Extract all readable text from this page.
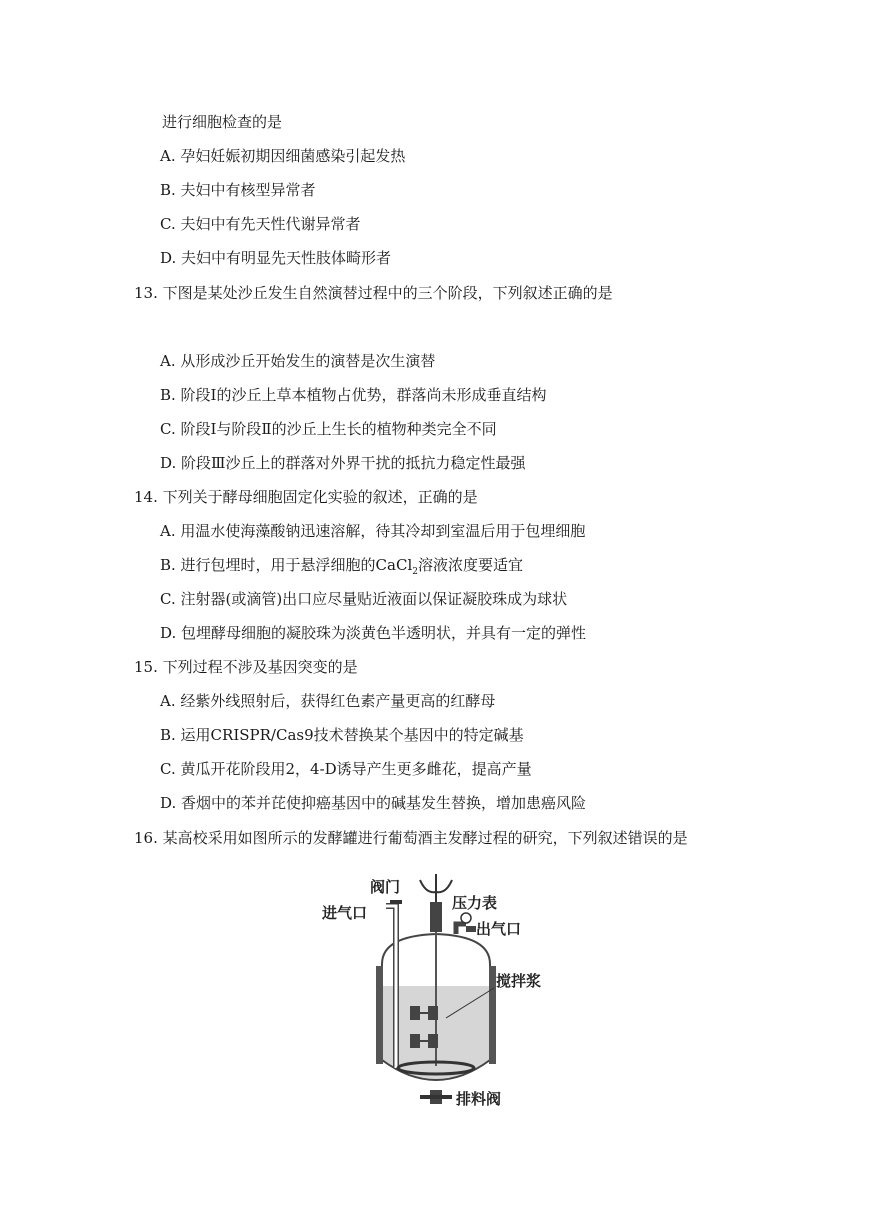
进行细胞检查的是
A. 孕妇妊娠初期因细菌感染引起发热
B. 夫妇中有核型异常者
C. 夫妇中有先天性代谢异常者
D. 夫妇中有明显先天性肢体畸形者
13. 下图是某处沙丘发生自然演替过程中的三个阶段，下列叙述正确的是
A. 从形成沙丘开始发生的演替是次生演替
B. 阶段Ⅰ的沙丘上草本植物占优势，群落尚未形成垂直结构
C. 阶段Ⅰ与阶段Ⅱ的沙丘上生长的植物种类完全不同
D. 阶段Ⅲ沙丘上的群落对外界干扰的抵抗力稳定性最强
14. 下列关于酵母细胞固定化实验的叙述，正确的是
A. 用温水使海藻酸钠迅速溶解，待其冷却到室温后用于包埋细胞
B. 进行包埋时，用于悬浮细胞的CaCl$_2$溶液浓度要适宜
C. 注射器(或滴管)出口应尽量贴近液面以保证凝胶珠成为球状
D. 包埋酵母细胞的凝胶珠为淡黄色半透明状，并具有一定的弹性
15. 下列过程不涉及基因突变的是
A. 经紫外线照射后，获得红色素产量更高的红酵母
B. 运用CRISPR/Cas9技术替换某个基因中的特定碱基
C. 黄瓜开花阶段用2，4-D诱导产生更多雌花，提高产量
D. 香烟中的苯并芘使抑癌基因中的碱基发生替换，增加患癌风险
16. 某高校采用如图所示的发酵罐进行葡萄酒主发酵过程的研究，下列叙述错误的是
阀门
压力表
进气口
出气口
搅拌浆
排料阀
